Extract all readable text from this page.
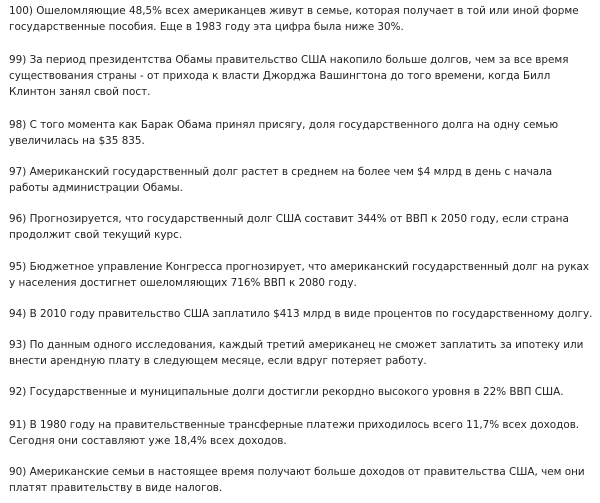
100) Ошеломляющие 48,5% всех американцев живут в семье, которая получает в той или иной форме
государственные пособия. Еще в 1983 году эта цифра была ниже 30%.

99) За период президентства Обамы правительство США накопило больше долгов, чем за все время
существования страны - от прихода к власти Джорджа Вашингтона до того времени, когда Билл
Клинтон занял свой пост.

98) С того момента как Барак Обама принял присягу, доля государственного долга на одну семью
увеличилась на $35 835.

97) Американский государственный долг растет в среднем на более чем $4 млрд в день с начала
работы администрации Обамы.

96) Прогнозируется, что государственный долг США составит 344% от ВВП к 2050 году, если страна
продолжит свой текущий курс.

95) Бюджетное управление Конгресса прогнозирует, что американский государственный долг на руках
у населения достигнет ошеломляющих 716% ВВП к 2080 году.

94) В 2010 году правительство США заплатило $413 млрд в виде процентов по государственному долгу.

93) По данным одного исследования, каждый третий американец не сможет заплатить за ипотеку или
внести арендную плату в следующем месяце, если вдруг потеряет работу.

92) Государственные и муниципальные долги достигли рекордно высокого уровня в 22% ВВП США.

91) В 1980 году на правительственные трансферные платежи приходилось всего 11,7% всех доходов.
Сегодня они составляют уже 18,4% всех доходов.

90) Американские семьи в настоящее время получают больше доходов от правительства США, чем они
платят правительству в виде налогов.
